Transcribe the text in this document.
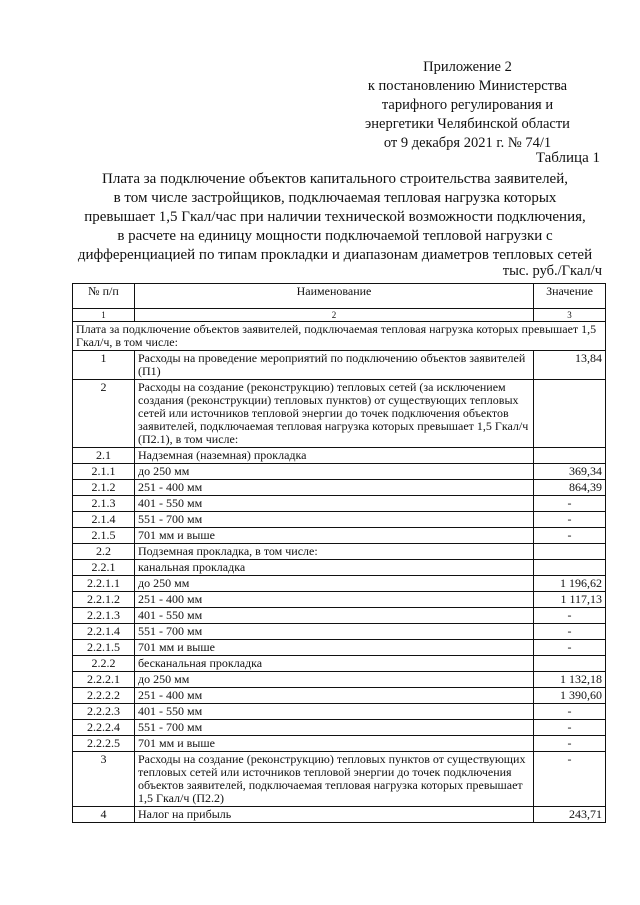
Приложение 2
к постановлению Министерства
тарифного регулирования и
энергетики Челябинской области
от 9 декабря 2021 г. № 74/1
Таблица 1
Плата за подключение объектов капитального строительства заявителей,
в том числе застройщиков, подключаемая тепловая нагрузка которых
превышает 1,5 Гкал/час при наличии технической возможности подключения,
в расчете на единицу мощности подключаемой тепловой нагрузки с
дифференциацией по типам прокладки и диапазонам диаметров тепловых сетей
тыс. руб./Гкал/ч
№ п/п	Наименование	Значение
1	2	3
Плата за подключение объектов заявителей, подключаемая тепловая нагрузка которых превышает 1,5 Гкал/ч, в том числе:		
1	Расходы на проведение мероприятий по подключению объектов заявителей (П1)	13,84
2	Расходы на создание (реконструкцию) тепловых сетей (за исключением создания (реконструкции) тепловых пунктов) от существующих тепловых сетей или источников тепловой энергии до точек подключения объектов заявителей, подключаемая тепловая нагрузка которых превышает 1,5 Гкал/ч (П2.1), в том числе:	
2.1	Надземная (наземная) прокладка	
2.1.1	до 250 мм	369,34
2.1.2	251 - 400 мм	864,39
2.1.3	401 - 550 мм	-
2.1.4	551 - 700 мм	-
2.1.5	701 мм и выше	-
2.2	Подземная прокладка, в том числе:	
2.2.1	канальная прокладка	
2.2.1.1	до 250 мм	1 196,62
2.2.1.2	251 - 400 мм	1 117,13
2.2.1.3	401 - 550 мм	-
2.2.1.4	551 - 700 мм	-
2.2.1.5	701 мм и выше	-
2.2.2	бесканальная прокладка	
2.2.2.1	до 250 мм	1 132,18
2.2.2.2	251 - 400 мм	1 390,60
2.2.2.3	401 - 550 мм	-
2.2.2.4	551 - 700 мм	-
2.2.2.5	701 мм и выше	-
3	Расходы на создание (реконструкцию) тепловых пунктов от существующих тепловых сетей или источников тепловой энергии до точек подключения объектов заявителей, подключаемая тепловая нагрузка которых превышает 1,5 Гкал/ч (П2.2)	-
4	Налог на прибыль	243,71
